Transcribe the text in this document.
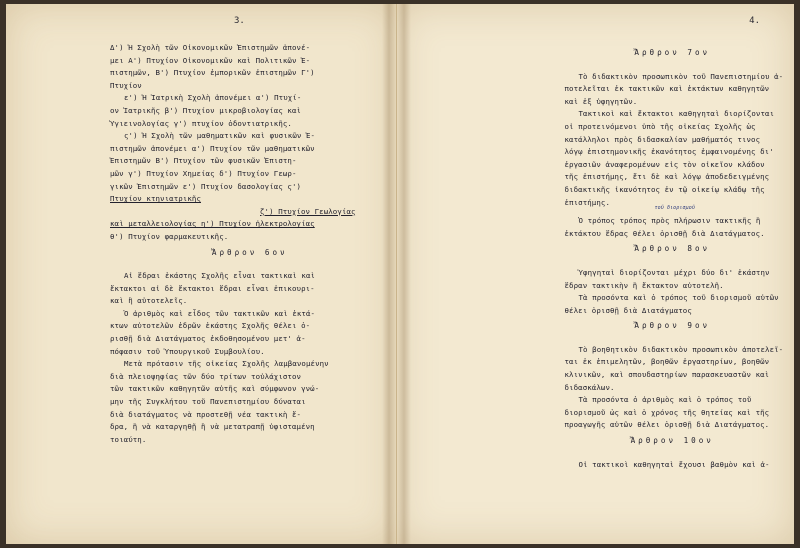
3.
Δ') Ἡ Σχολὴ τῶν Οἰκονομικῶν Ἐπιστημῶν ἀπονέ-
μει Α') Πτυχίον Οἰκονομικῶν καὶ Πολιτικῶν Ἐ-
πιστημῶν, Β') Πτυχίον ἐμπορικῶν ἐπιστημῶν Γ')
Πτυχίον
ε') Ἡ Ἰατρικὴ Σχολὴ ἀπονέμει α') Πτυχί-
ον Ἰατρικῆς β') Πτυχίον μικροβιολογίας καὶ
Ὑγιεινολογίας γ') πτυχίον ὀδοντιατρικῆς.
ς') Ἡ Σχολὴ τῶν μαθηματικῶν καὶ φυσικῶν Ἐ-
πιστημῶν ἀπονέμει α') Πτυχίον τῶν μαθηματικῶν
Ἐπιστημῶν Β') Πτυχίον τῶν φυσικῶν Ἐπιστη-
μῶν γ') Πτυχίον Χημείας δ') Πτυχίον Γεωρ-
γικῶν Ἐπιστημῶν ε') Πτυχίον δασολογίας ς')
Πτυχίον κτηνιατρικῆς
ζ') Πτυχίον Γεωλογίας
καὶ μεταλλειολογίας η') Πτυχίον ἠλεκτρολογίας
θ') Πτυχίον φαρμακευτικῆς.
Ἄρθρον 6ον
Αἱ ἕδραι ἑκάστης Σχολῆς εἶναι τακτικαὶ καὶ
ἔκτακτοι αἱ δὲ ἔκτακτοι ἕδραι εἶναι ἐπικουρι-
καὶ ἢ αὐτοτελεῖς.
Ὁ ἀριθμὸς καὶ εἶδος τῶν τακτικῶν καὶ ἐκτά-
κτων αὐτοτελῶν ἑδρῶν ἑκάστης Σχολῆς θέλει ὁ-
ρισθῇ διὰ Διατάγματος ἐκδοθησομένου μετ' ἀ-
πόφασιν τοῦ Ὑπουργικοῦ Συμβουλίου.
Μετὰ πρότασιν τῆς οἰκείας Σχολῆς λαμβανομένην
διὰ πλειοψηφίας τῶν δύο τρίτων τοὐλάχιστον
τῶν τακτικῶν καθηγητῶν αὐτῆς καὶ σύμφωνον γνώ-
μην τῆς Συγκλήτου τοῦ Πανεπιστημίου δύναται
διὰ διατάγματος νὰ προστεθῇ νέα τακτικὴ ἕ-
δρα, ἢ νὰ καταργηθῇ ἢ νὰ μετατραπῇ ὑφισταμένη
τοιαύτη.
4.
Ἄρθρον 7ον
Τὸ διδακτικὸν προσωπικὸν τοῦ Πανεπιστημίου ἀ-
ποτελεῖται ἐκ τακτικῶν καὶ ἐκτάκτων καθηγητῶν
καὶ ἐξ ὑφηγητῶν.
Τακτικοὶ καὶ ἔκτακτοι καθηγηταὶ διορίζονται
οἱ προτεινόμενοι ὑπὸ τῆς οἰκείας Σχολῆς ὡς
κατάλληλοι πρὸς διδασκαλίαν μαθήματός τινος
λόγῳ ἐπιστημονικῆς ἐκανότητος ἐμφαινομένης δι'
ἐργασιῶν ἀναφερομένων εἰς τὸν οἰκεῖον κλάδον
τῆς ἐπιστήμης, ἔτι δὲ καὶ λόγῳ ἀποδεδειγμένης
διδακτικῆς ἱκανότητος ἐν τῷ οἰκείῳ κλάδῳ τῆς
ἐπιστήμης.
$^{\tau oῦ \delta\iota o\rho\iota\sigma\mu oῦ}$
Ὁ τρόπος τρόπος πρὸς πλήρωσιν τακτικῆς ἢ
ἐκτάκτου ἕδρας θέλει ὁρισθῇ διὰ Διατάγματος.
Ἄρθρον 8ον
Ὑφηγηταὶ διορίζονται μέχρι δύο δι' ἑκάστην
ἕδραν τακτικὴν ἢ ἔκτακτον αὐτοτελῆ.
Τὰ προσόντα καὶ ὁ τρόπος τοῦ διορισμοῦ αὐτῶν
θέλει ὁρισθῇ διὰ Διατάγματος
Ἄρθρον 9ον
Τὸ βοηθητικὸν διδακτικὸν προσωπικὸν ἀποτελεῖ-
ται ἐκ ἐπιμελητῶν, βοηθῶν ἐργαστηρίων, βοηθῶν
κλινικῶν, καὶ σπουδαστηρίων παρασκευαστῶν καὶ
διδασκάλων.
Τὰ προσόντα ὁ ἀριθμὸς καὶ ὁ τρόπος τοῦ
διορισμοῦ ὡς καὶ ὁ χρόνος τῆς θητείας καὶ τῆς
προαγωγῆς αὐτῶν θέλει ὁρισθῇ διὰ Διατάγματος.
Ἄρθρον 10ον
Οἱ τακτικοὶ καθηγηταὶ ἔχουσι βαθμὸν καὶ ἀ-
